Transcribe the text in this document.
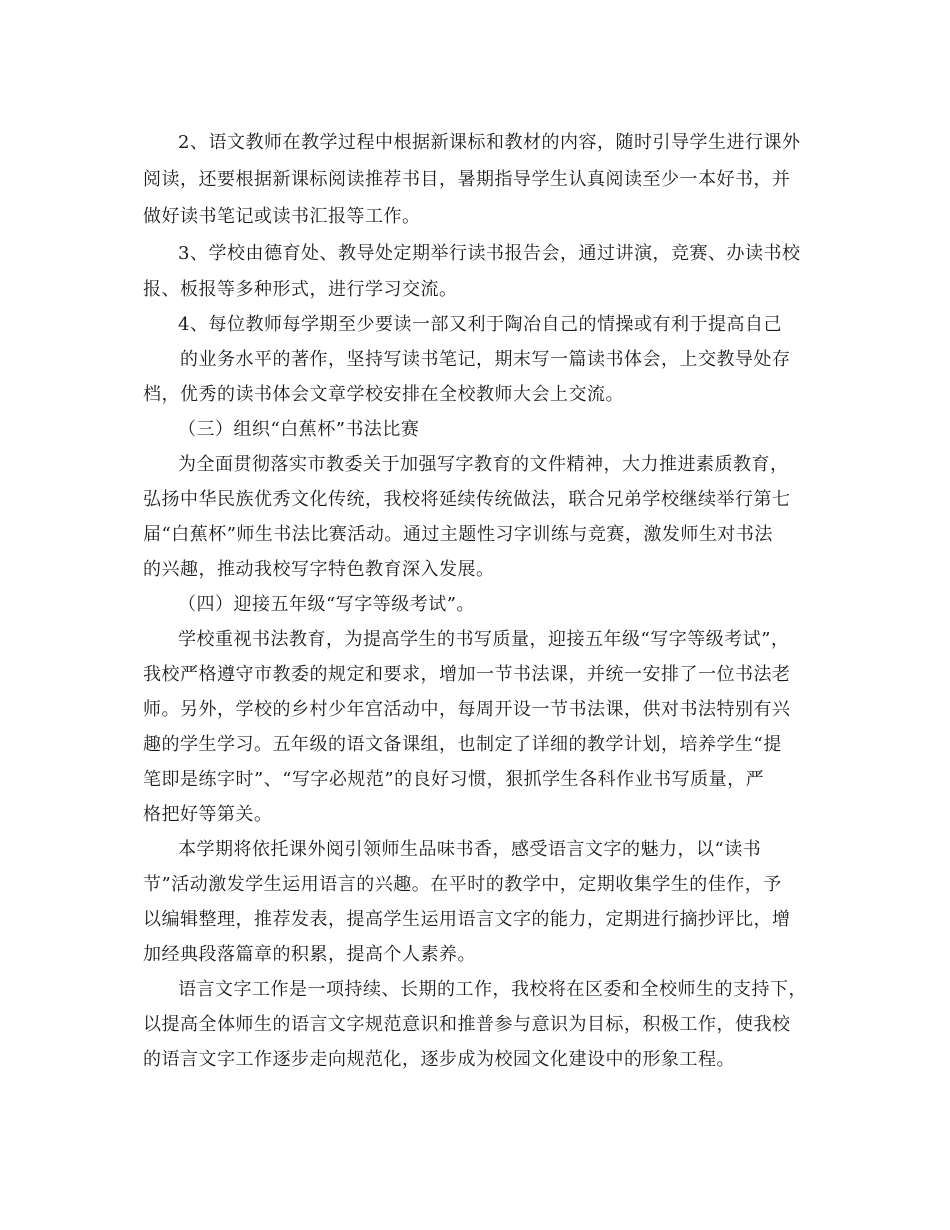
2、语文教师在教学过程中根据新课标和教材的内容，随时引导学生进行课外
阅读，还要根据新课标阅读推荐书目，暑期指导学生认真阅读至少一本好书，并
做好读书笔记或读书汇报等工作。
3、学校由德育处、教导处定期举行读书报告会，通过讲演，竞赛、办读书校
报、板报等多种形式，进行学习交流。
4、每位教师每学期至少要读一部又利于陶冶自己的情操或有利于提高自己
的业务水平的著作，坚持写读书笔记，期末写一篇读书体会，上交教导处存
档，优秀的读书体会文章学校安排在全校教师大会上交流。
（三）组织“白蕉杯”书法比赛
为全面贯彻落实市教委关于加强写字教育的文件精神，大力推进素质教育，
弘扬中华民族优秀文化传统，我校将延续传统做法，联合兄弟学校继续举行第七
届“白蕉杯”师生书法比赛活动。通过主题性习字训练与竞赛，激发师生对书法
的兴趣，推动我校写字特色教育深入发展。
（四）迎接五年级“写字等级考试”。
学校重视书法教育，为提高学生的书写质量，迎接五年级“写字等级考试”，
我校严格遵守市教委的规定和要求，增加一节书法课，并统一安排了一位书法老
师。另外，学校的乡村少年宫活动中，每周开设一节书法课，供对书法特别有兴
趣的学生学习。五年级的语文备课组，也制定了详细的教学计划，培养学生“提
笔即是练字时”、“写字必规范”的良好习惯，狠抓学生各科作业书写质量，严
格把好等第关。
本学期将依托课外阅引领师生品味书香，感受语言文字的魅力，以“读书
节”活动激发学生运用语言的兴趣。在平时的教学中，定期收集学生的佳作，予
以编辑整理，推荐发表，提高学生运用语言文字的能力，定期进行摘抄评比，增
加经典段落篇章的积累，提高个人素养。
语言文字工作是一项持续、长期的工作，我校将在区委和全校师生的支持下，
以提高全体师生的语言文字规范意识和推普参与意识为目标，积极工作，使我校
的语言文字工作逐步走向规范化，逐步成为校园文化建设中的形象工程。
